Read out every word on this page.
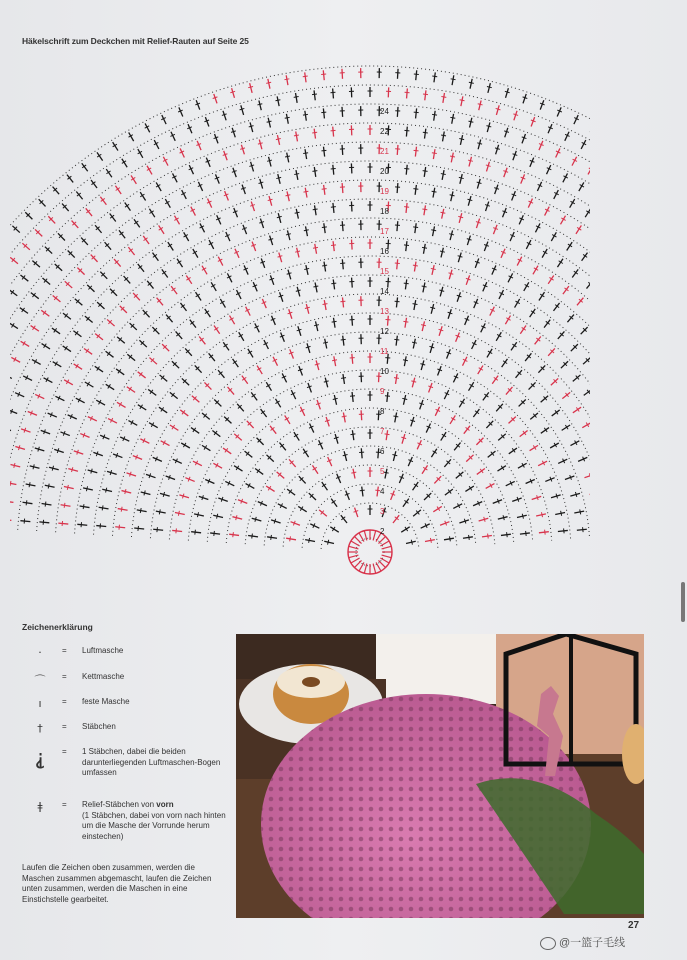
Häkelschrift zum Deckchen mit Relief-Rauten auf Seite 25
2
3
4
5
6
7
8
9
10
11
12
13
14
15
16
17
18
19
20
21
22
24
Zeichenerklärung
·	= Luftmasche
⌒	= Kettmasche
ı	= feste Masche
†	= Stäbchen
⸘	= 1 Stäbchen, dabei die beiden darunterliegenden Luftmaschen-Bogen umfassen
ǂ	= Relief-Stäbchen von vorn
(1 Stäbchen, dabei von vorn nach hinten um die Masche der Vorrunde herum einstechen)
Laufen die Zeichen oben zusammen, werden die Maschen zusammen abgemascht, laufen die Zeichen unten zusammen, werden die Maschen in eine Einstichstelle gearbeitet.
27
@一篮子毛线
